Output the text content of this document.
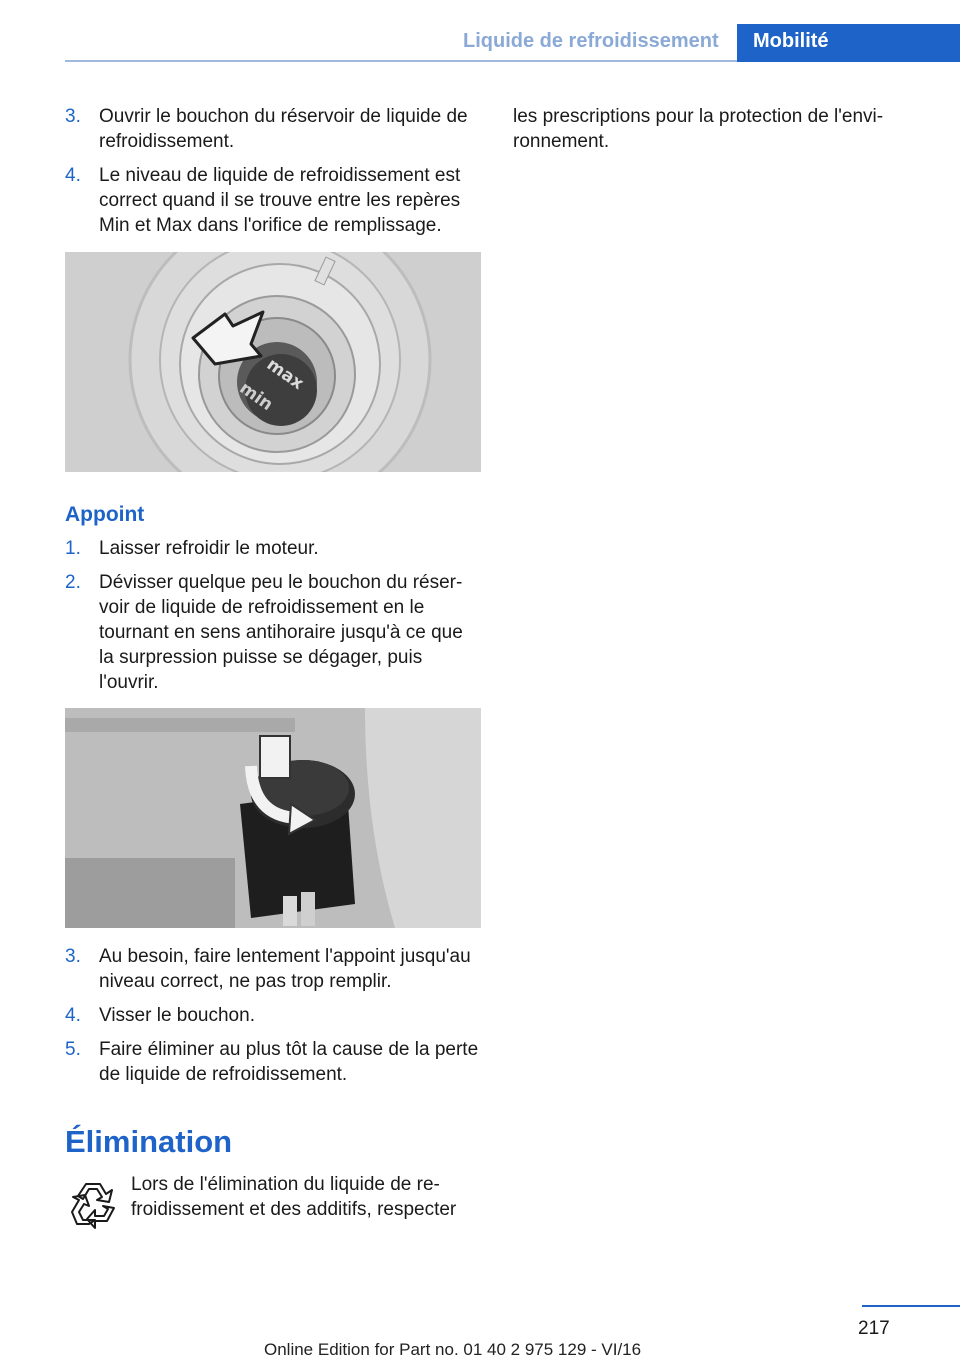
Liquide de refroidissement Mobilité
3. Ouvrir le bouchon du réservoir de liquide de refroidissement.
4. Le niveau de liquide de refroidissement est correct quand il se trouve entre les repères Min et Max dans l'orifice de remplissage.
max
min
Appoint
1. Laisser refroidir le moteur.
2. Dévisser quelque peu le bouchon du réservoir de liquide de refroidissement en le tournant en sens antihoraire jusqu'à ce que la surpression puisse se dégager, puis l'ouvrir.
3. Au besoin, faire lentement l'appoint jusqu'au niveau correct, ne pas trop remplir.
4. Visser le bouchon.
5. Faire éliminer au plus tôt la cause de la perte de liquide de refroidissement.
Élimination

Lors de l'élimination du liquide de refroidissement et des additifs, respecter

les prescriptions pour la protection de l'environnement.

217
Online Edition for Part no. 01 40 2 975 129 - VI/16
